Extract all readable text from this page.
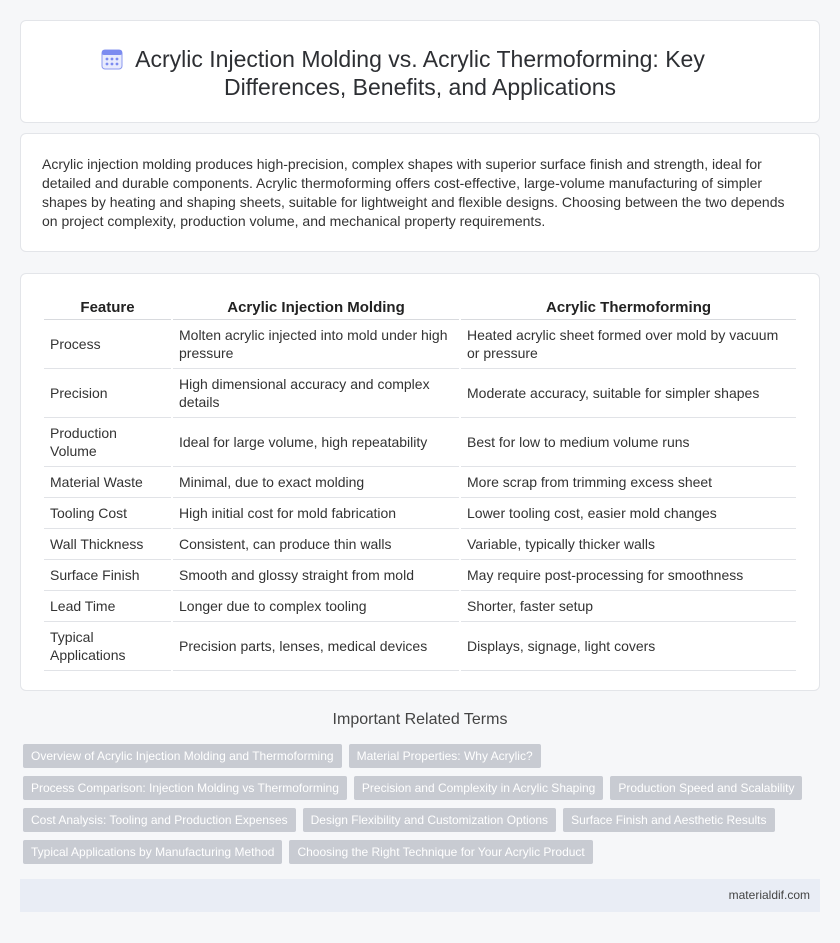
Acrylic Injection Molding vs. Acrylic Thermoforming: Key Differences, Benefits, and Applications

Acrylic injection molding produces high-precision, complex shapes with superior surface finish and strength, ideal for detailed and durable components. Acrylic thermoforming offers cost-effective, large-volume manufacturing of simpler shapes by heating and shaping sheets, suitable for lightweight and flexible designs. Choosing between the two depends on project complexity, production volume, and mechanical property requirements.

Feature	Acrylic Injection Molding	Acrylic Thermoforming
Process	Molten acrylic injected into mold under high pressure	Heated acrylic sheet formed over mold by vacuum or pressure
Precision	High dimensional accuracy and complex details	Moderate accuracy, suitable for simpler shapes
Production Volume	Ideal for large volume, high repeatability	Best for low to medium volume runs
Material Waste	Minimal, due to exact molding	More scrap from trimming excess sheet
Tooling Cost	High initial cost for mold fabrication	Lower tooling cost, easier mold changes
Wall Thickness	Consistent, can produce thin walls	Variable, typically thicker walls
Surface Finish	Smooth and glossy straight from mold	May require post-processing for smoothness
Lead Time	Longer due to complex tooling	Shorter, faster setup
Typical Applications	Precision parts, lenses, medical devices	Displays, signage, light covers
Important Related Terms
Overview of Acrylic Injection Molding and Thermoforming	Material Properties: Why Acrylic?
Process Comparison: Injection Molding vs Thermoforming	Precision and Complexity in Acrylic Shaping	Production Speed and Scalability
Cost Analysis: Tooling and Production Expenses	Design Flexibility and Customization Options	Surface Finish and Aesthetic Results
Typical Applications by Manufacturing Method	Choosing the Right Technique for Your Acrylic Product
materialdif.com
